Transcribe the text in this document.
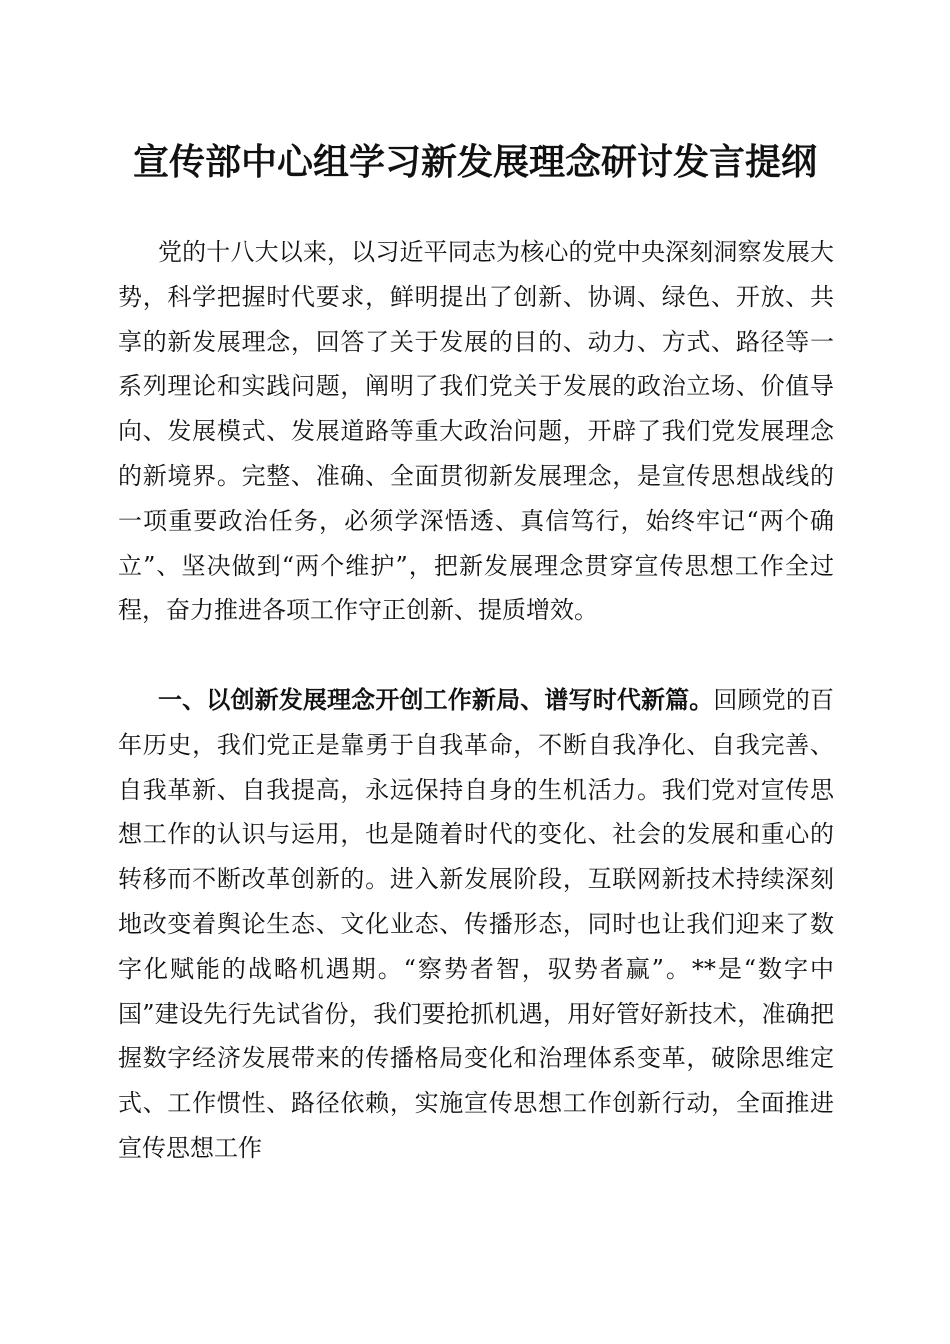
宣传部中心组学习新发展理念研讨发言提纲

党的十八大以来，以习近平同志为核心的党中央深刻洞察发展大势，科学把握时代要求，鲜明提出了创新、协调、绿色、开放、共享的新发展理念，回答了关于发展的目的、动力、方式、路径等一系列理论和实践问题，阐明了我们党关于发展的政治立场、价值导向、发展模式、发展道路等重大政治问题，开辟了我们党发展理念的新境界。完整、准确、全面贯彻新发展理念，是宣传思想战线的一项重要政治任务，必须学深悟透、真信笃行，始终牢记“两个确立”、坚决做到“两个维护”，把新发展理念贯穿宣传思想工作全过程，奋力推进各项工作守正创新、提质增效。

一、以创新发展理念开创工作新局、谱写时代新篇。回顾党的百年历史，我们党正是靠勇于自我革命，不断自我净化、自我完善、自我革新、自我提高，永远保持自身的生机活力。我们党对宣传思想工作的认识与运用，也是随着时代的变化、社会的发展和重心的转移而不断改革创新的。进入新发展阶段，互联网新技术持续深刻地改变着舆论生态、文化业态、传播形态，同时也让我们迎来了数字化赋能的战略机遇期。“察势者智，驭势者赢”。**是“数字中国”建设先行先试省份，我们要抢抓机遇，用好管好新技术，准确把握数字经济发展带来的传播格局变化和治理体系变革，破除思维定式、工作惯性、路径依赖，实施宣传思想工作创新行动，全面推进宣传思想工作
